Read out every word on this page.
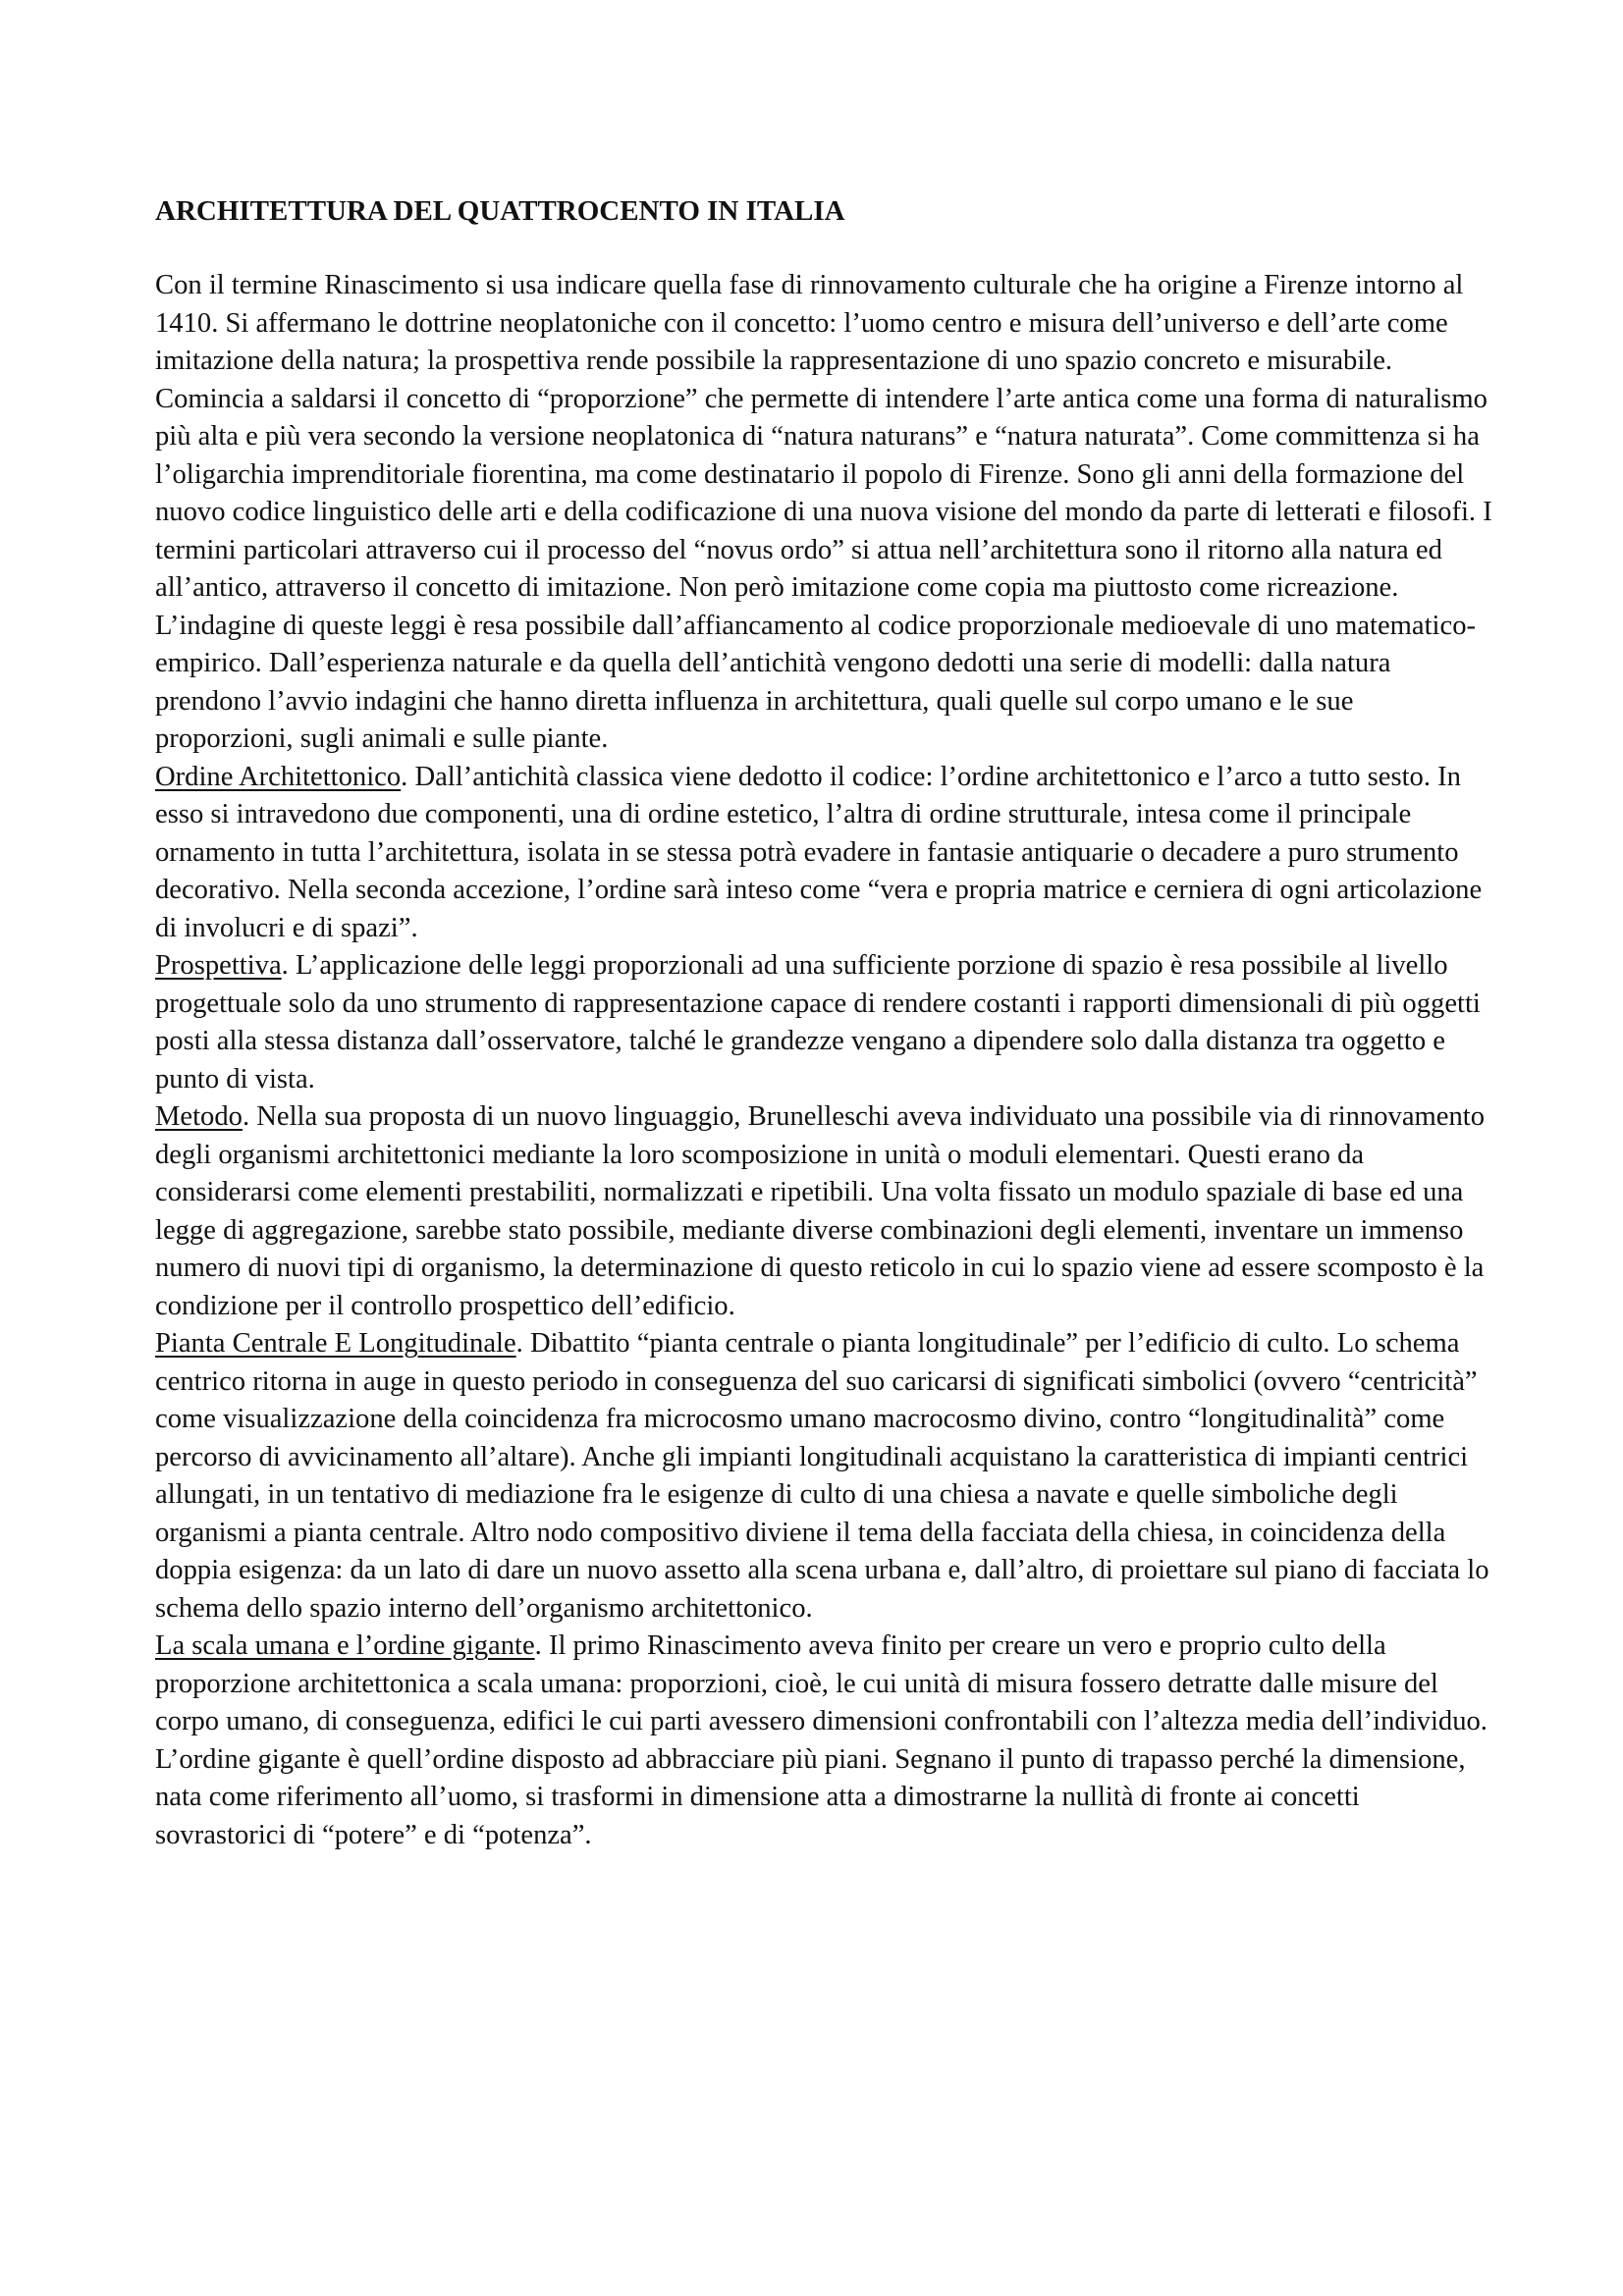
ARCHITETTURA DEL QUATTROCENTO IN ITALIA

Con il termine Rinascimento si usa indicare quella fase di rinnovamento culturale che ha origine a Firenze intorno al 1410. Si affermano le dottrine neoplatoniche con il concetto: l’uomo centro e misura dell’universo e dell’arte come imitazione della natura; la prospettiva rende possibile la rappresentazione di uno spazio concreto e misurabile. Comincia a saldarsi il concetto di “proporzione” che permette di intendere l’arte antica come una forma di naturalismo più alta e più vera secondo la versione neoplatonica di “natura naturans” e “natura naturata”. Come committenza si ha l’oligarchia imprenditoriale fiorentina, ma come destinatario il popolo di Firenze. Sono gli anni della formazione del nuovo codice linguistico delle arti e della codificazione di una nuova visione del mondo da parte di letterati e filosofi. I termini particolari attraverso cui il processo del “novus ordo” si attua nell’architettura sono il ritorno alla natura ed all’antico, attraverso il concetto di imitazione. Non però imitazione come copia ma piuttosto come ricreazione. L’indagine di queste leggi è resa possibile dall’affiancamento al codice proporzionale medioevale di uno matematico-empirico. Dall’esperienza naturale e da quella dell’antichità vengono dedotti una serie di modelli: dalla natura prendono l’avvio indagini che hanno diretta influenza in architettura, quali quelle sul corpo umano e le sue proporzioni, sugli animali e sulle piante.

Ordine Architettonico. Dall’antichità classica viene dedotto il codice: l’ordine architettonico e l’arco a tutto sesto. In esso si intravedono due componenti, una di ordine estetico, l’altra di ordine strutturale, intesa come il principale ornamento in tutta l’architettura, isolata in se stessa potrà evadere in fantasie antiquarie o decadere a puro strumento decorativo. Nella seconda accezione, l’ordine sarà inteso come “vera e propria matrice e cerniera di ogni articolazione di involucri e di spazi”.

Prospettiva. L’applicazione delle leggi proporzionali ad una sufficiente porzione di spazio è resa possibile al livello progettuale solo da uno strumento di rappresentazione capace di rendere costanti i rapporti dimensionali di più oggetti posti alla stessa distanza dall’osservatore, talché le grandezze vengano a dipendere solo dalla distanza tra oggetto e punto di vista.

Metodo. Nella sua proposta di un nuovo linguaggio, Brunelleschi aveva individuato una possibile via di rinnovamento degli organismi architettonici mediante la loro scomposizione in unità o moduli elementari. Questi erano da considerarsi come elementi prestabiliti, normalizzati e ripetibili. Una volta fissato un modulo spaziale di base ed una legge di aggregazione, sarebbe stato possibile, mediante diverse combinazioni degli elementi, inventare un immenso numero di nuovi tipi di organismo, la determinazione di questo reticolo in cui lo spazio viene ad essere scomposto è la condizione per il controllo prospettico dell’edificio.

Pianta Centrale E Longitudinale. Dibattito “pianta centrale o pianta longitudinale” per l’edificio di culto. Lo schema centrico ritorna in auge in questo periodo in conseguenza del suo caricarsi di significati simbolici (ovvero “centricità” come visualizzazione della coincidenza fra microcosmo umano macrocosmo divino, contro “longitudinalità” come percorso di avvicinamento all’altare). Anche gli impianti longitudinali acquistano la caratteristica di impianti centrici allungati, in un tentativo di mediazione fra le esigenze di culto di una chiesa a navate e quelle simboliche degli organismi a pianta centrale. Altro nodo compositivo diviene il tema della facciata della chiesa, in coincidenza della doppia esigenza: da un lato di dare un nuovo assetto alla scena urbana e, dall’altro, di proiettare sul piano di facciata lo schema dello spazio interno dell’organismo architettonico.

La scala umana e l’ordine gigante. Il primo Rinascimento aveva finito per creare un vero e proprio culto della proporzione architettonica a scala umana: proporzioni, cioè, le cui unità di misura fossero detratte dalle misure del corpo umano, di conseguenza, edifici le cui parti avessero dimensioni confrontabili con l’altezza media dell’individuo. L’ordine gigante è quell’ordine disposto ad abbracciare più piani. Segnano il punto di trapasso perché la dimensione, nata come riferimento all’uomo, si trasformi in dimensione atta a dimostrarne la nullità di fronte ai concetti sovrastorici di “potere” e di “potenza”.
